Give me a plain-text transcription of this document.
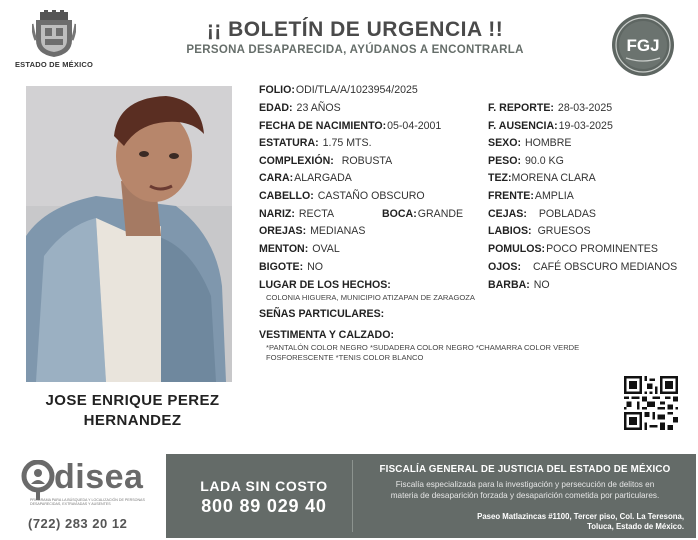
ESTADO DE MÉXICO
¡¡ BOLETÍN DE URGENCIA !!
PERSONA DESAPARECIDA, AYÚDANOS A ENCONTRARLA	FGJ
JOSE ENRIQUE PEREZ
HERNANDEZ
FOLIO:ODI/TLA/A/1023954/2025
EDAD: 23 AÑOS
FECHA DE NACIMIENTO:05-04-2001
ESTATURA: 1.75 MTS.
COMPLEXIÓN: ROBUSTA
CARA:ALARGADA
CABELLO: CASTAÑO OBSCURO
NARIZ: RECTA	BOCA:GRANDE
OREJAS: MEDIANAS
MENTON: OVAL
BIGOTE: NO
LUGAR DE LOS HECHOS:
COLONIA HIGUERA, MUNICIPIO ATIZAPAN DE ZARAGOZA
SEÑAS PARTICULARES:
VESTIMENTA Y CALZADO:
*PANTALÓN COLOR NEGRO *SUDADERA COLOR NEGRO *CHAMARRA COLOR VERDE
FOSFORESCENTE *TENIS COLOR BLANCO
F. REPORTE: 28-03-2025
F. AUSENCIA:19-03-2025
SEXO: HOMBRE
PESO: 90.0 KG
TEZ:MORENA CLARA
FRENTE:AMPLIA
CEJAS: POBLADAS
LABIOS: GRUESOS
POMULOS:POCO PROMINENTES
OJOS: CAFÉ OBSCURO MEDIANOS
BARBA: NO
disea
PROGRAMA PARA LA BÚSQUEDA Y LOCALIZACIÓN DE PERSONAS DESAPARECIDAS, EXTRAVIADAS Y AUSENTES
(722) 283 20 12
LADA SIN COSTO
800 89 029 40
FISCALÍA GENERAL DE JUSTICIA DEL ESTADO DE MÉXICO
Fiscalía especializada para la investigación y persecución de delitos en
materia de desaparición forzada y desaparición cometida por particulares.
Paseo Matlazincas #1100, Tercer piso, Col. La Teresona,
Toluca, Estado de México.
